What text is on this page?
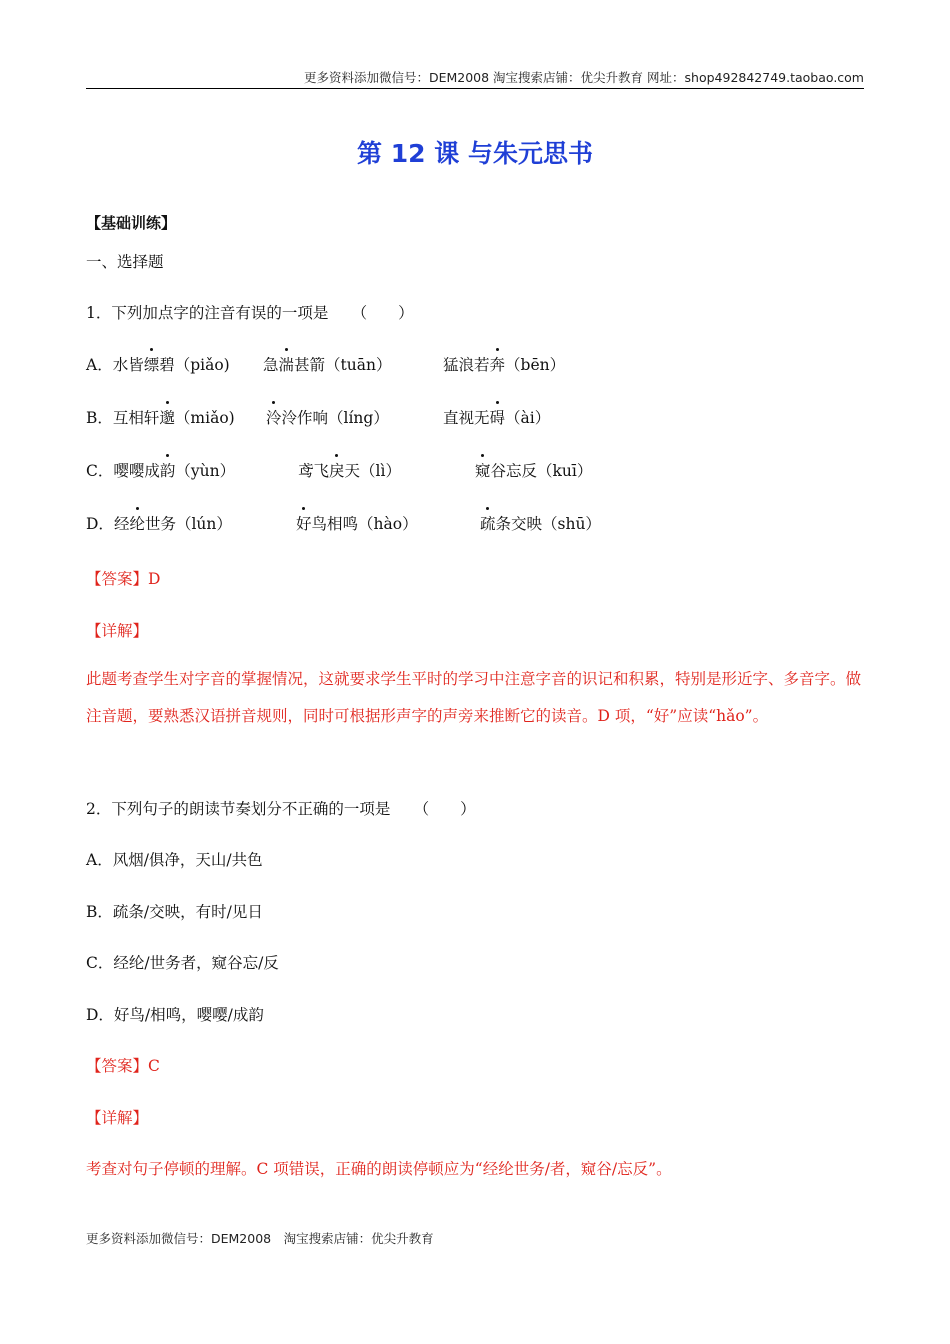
更多资料添加微信号：DEM2008 淘宝搜索店铺：优尖升教育 网址：shop492842749.taobao.com
第 12 课 与朱元思书
【基础训练】
一、选择题
1．下列加点字的注音有误的一项是　　（　　）
A．水皆缥碧（piǎo) 急湍甚箭（tuān）	猛浪若奔（bēn）
B．互相轩邈（miǎo) 泠泠作响（líng）	直视无碍（ài）
C．嘤嘤成韵（yùn）	鸢飞戾天（lì）	窥谷忘反（kuī）
D．经纶世务（lún）	好鸟相鸣（hào）	疏条交映（shū）
【答案】D
【详解】
此题考查学生对字音的掌握情况，这就要求学生平时的学习中注意字音的识记和积累，特别是形近字、多音字。做注音题，要熟悉汉语拼音规则，同时可根据形声字的声旁来推断它的读音。D 项，“好”应读“hǎo”。
2．下列句子的朗读节奏划分不正确的一项是　　（　　）
A．风烟/俱净，天山/共色
B．疏条/交映，有时/见日
C．经纶/世务者，窥谷忘/反
D．好鸟/相鸣，嘤嘤/成韵
【答案】C
【详解】
考查对句子停顿的理解。C 项错误，正确的朗读停顿应为“经纶世务/者，窥谷/忘反”。
更多资料添加微信号：DEM2008　淘宝搜索店铺：优尖升教育
